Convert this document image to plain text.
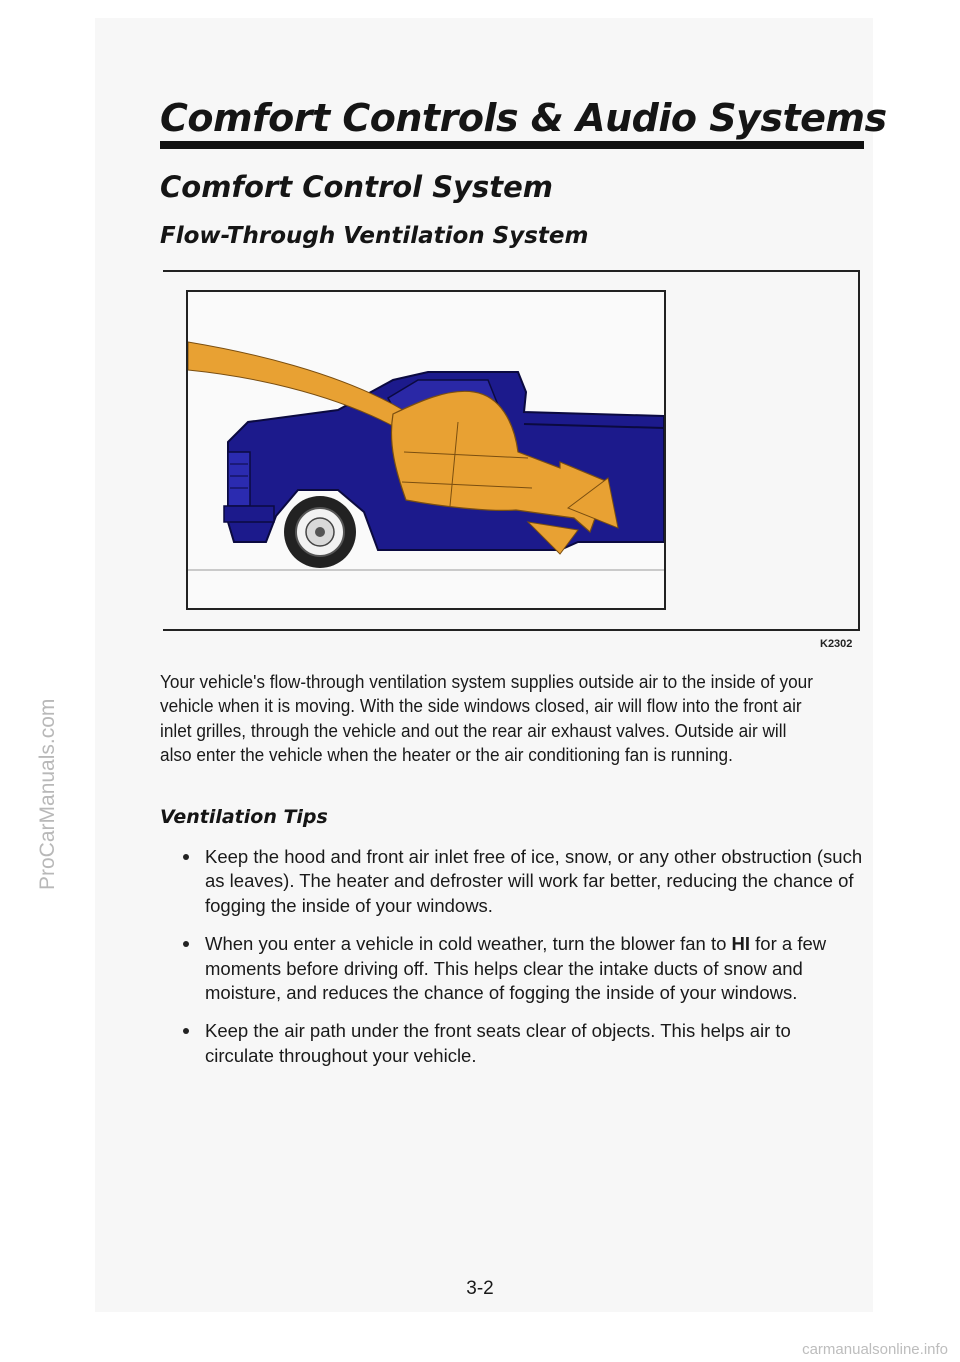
Comfort Controls & Audio Systems
Comfort Control System
Flow-Through Ventilation System
K2302

Your vehicle's flow-through ventilation system supplies outside air to the inside of your vehicle when it is moving. With the side windows closed, air will flow into the front air inlet grilles, through the vehicle and out the rear air exhaust valves. Outside air will also enter the vehicle when the heater or the air conditioning fan is running.

Ventilation Tips
Keep the hood and front air inlet free of ice, snow, or any other obstruction (such as leaves). The heater and defroster will work far better, reducing the chance of fogging the inside of your windows.
When you enter a vehicle in cold weather, turn the blower fan to HI for a few moments before driving off. This helps clear the intake ducts of snow and moisture, and reduces the chance of fogging the inside of your windows.
Keep the air path under the front seats clear of objects. This helps air to circulate throughout your vehicle.
3-2
ProCarManuals.com
carmanualsonline.info
